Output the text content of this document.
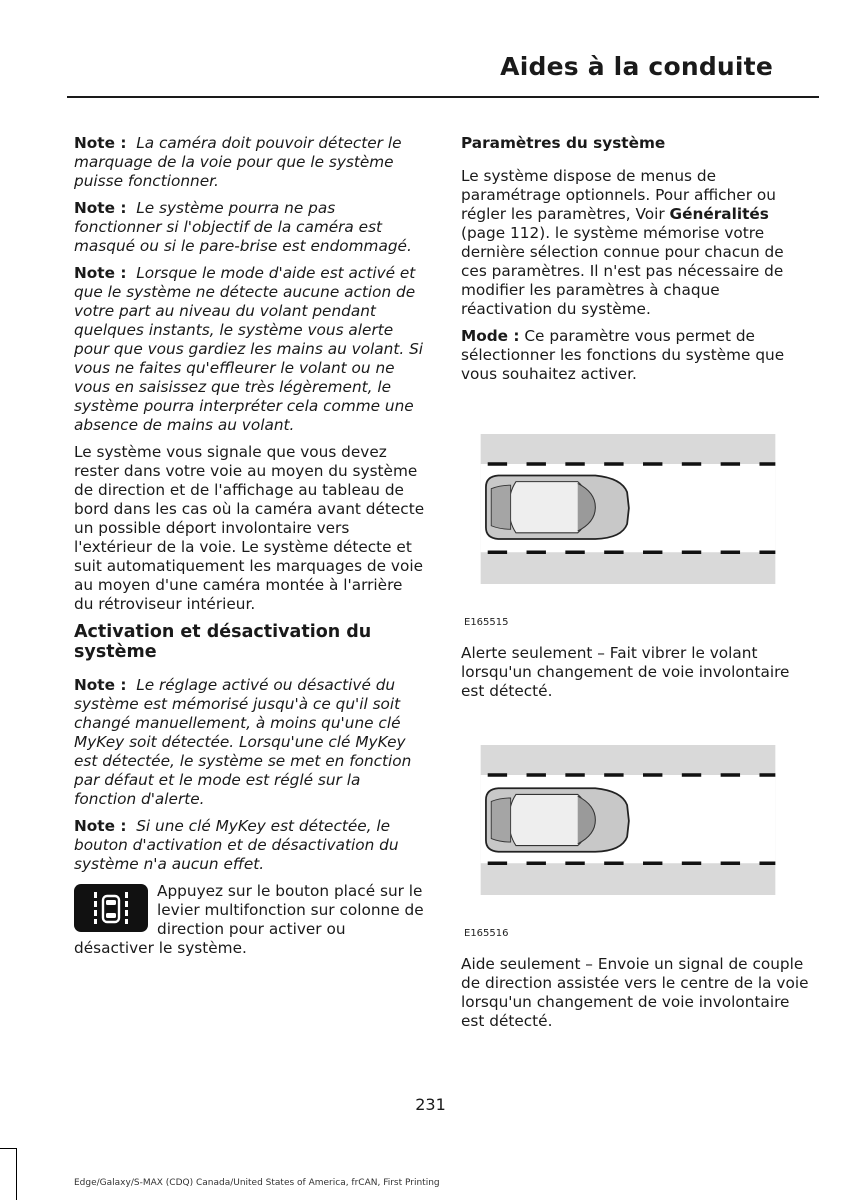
Aides à la conduite

Note : La caméra doit pouvoir détecter le marquage de la voie pour que le système puisse fonctionner.

Note : Le système pourra ne pas fonctionner si l'objectif de la caméra est masqué ou si le pare-brise est endommagé.

Note : Lorsque le mode d'aide est activé et que le système ne détecte aucune action de votre part au niveau du volant pendant quelques instants, le système vous alerte pour que vous gardiez les mains au volant. Si vous ne faites qu'effleurer le volant ou ne vous en saisissez que très légèrement, le système pourra interpréter cela comme une absence de mains au volant.

Le système vous signale que vous devez rester dans votre voie au moyen du système de direction et de l'affichage au tableau de bord dans les cas où la caméra avant détecte un possible déport involontaire vers l'extérieur de la voie. Le système détecte et suit automatiquement les marquages de voie au moyen d'une caméra montée à l'arrière du rétroviseur intérieur.

Activation et désactivation du système

Note : Le réglage activé ou désactivé du système est mémorisé jusqu'à ce qu'il soit changé manuellement, à moins qu'une clé MyKey soit détectée. Lorsqu'une clé MyKey est détectée, le système se met en fonction par défaut et le mode est réglé sur la fonction d'alerte.

Note : Si une clé MyKey est détectée, le bouton d'activation et de désactivation du système n'a aucun effet.

Appuyez sur le bouton placé sur le levier multifonction sur colonne de direction pour activer ou désactiver le système.
Paramètres du système

Le système dispose de menus de paramétrage optionnels. Pour afficher ou régler les paramètres, Voir Généralités (page 112). le système mémorise votre dernière sélection connue pour chacun de ces paramètres. Il n'est pas nécessaire de modifier les paramètres à chaque réactivation du système.

Mode : Ce paramètre vous permet de sélectionner les fonctions du système que vous souhaitez activer.

E165515

Alerte seulement – Fait vibrer le volant lorsqu'un changement de voie involontaire est détecté.

E165516

Aide seulement – Envoie un signal de couple de direction assistée vers le centre de la voie lorsqu'un changement de voie involontaire est détecté.

231
Edge/Galaxy/S-MAX (CDQ) Canada/United States of America, frCAN, First Printing
